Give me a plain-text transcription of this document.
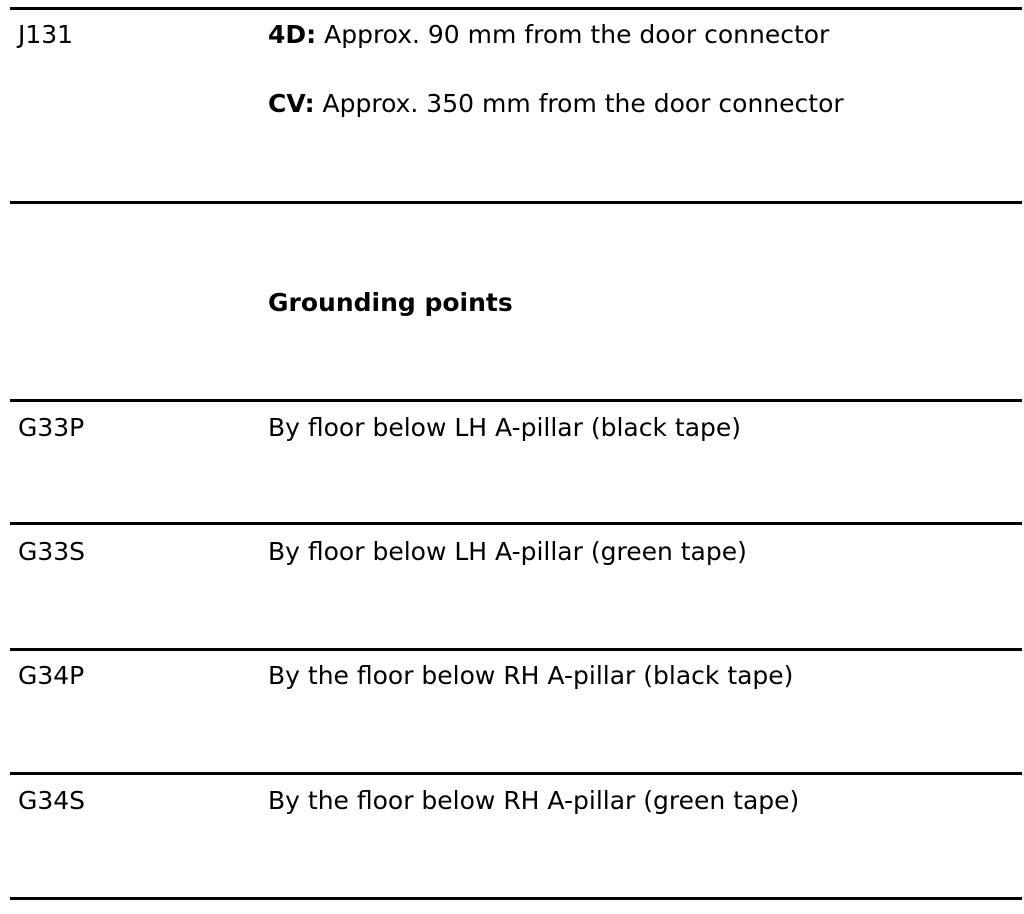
J131	4D: Approx. 90 mm from the door connector
CV: Approx. 350 mm from the door connector
Grounding points
G33P	By floor below LH A-pillar (black tape)
G33S	By floor below LH A-pillar (green tape)
G34P	By the floor below RH A-pillar (black tape)
G34S	By the floor below RH A-pillar (green tape)
